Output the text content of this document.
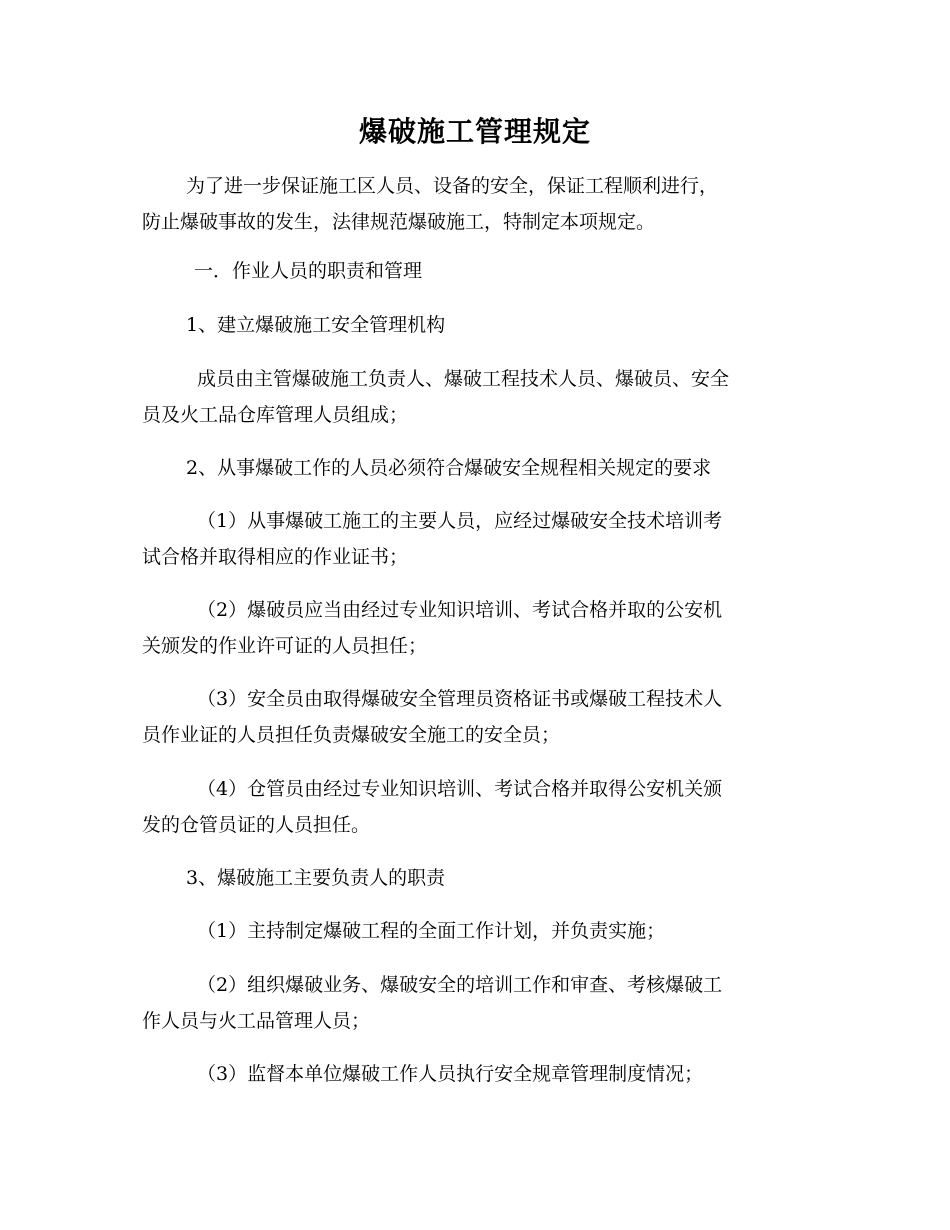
爆破施工管理规定
为了进一步保证施工区人员、设备的安全，保证工程顺利进行，
防止爆破事故的发生，法律规范爆破施工，特制定本项规定。
一．作业人员的职责和管理
1、建立爆破施工安全管理机构
成员由主管爆破施工负责人、爆破工程技术人员、爆破员、安全
员及火工品仓库管理人员组成；
2、从事爆破工作的人员必须符合爆破安全规程相关规定的要求
（1）从事爆破工施工的主要人员，应经过爆破安全技术培训考
试合格并取得相应的作业证书；
（2）爆破员应当由经过专业知识培训、考试合格并取的公安机
关颁发的作业许可证的人员担任；
（3）安全员由取得爆破安全管理员资格证书或爆破工程技术人
员作业证的人员担任负责爆破安全施工的安全员；
（4）仓管员由经过专业知识培训、考试合格并取得公安机关颁
发的仓管员证的人员担任。
3、爆破施工主要负责人的职责
（1）主持制定爆破工程的全面工作计划，并负责实施；
（2）组织爆破业务、爆破安全的培训工作和审查、考核爆破工
作人员与火工品管理人员；
（3）监督本单位爆破工作人员执行安全规章管理制度情况；
